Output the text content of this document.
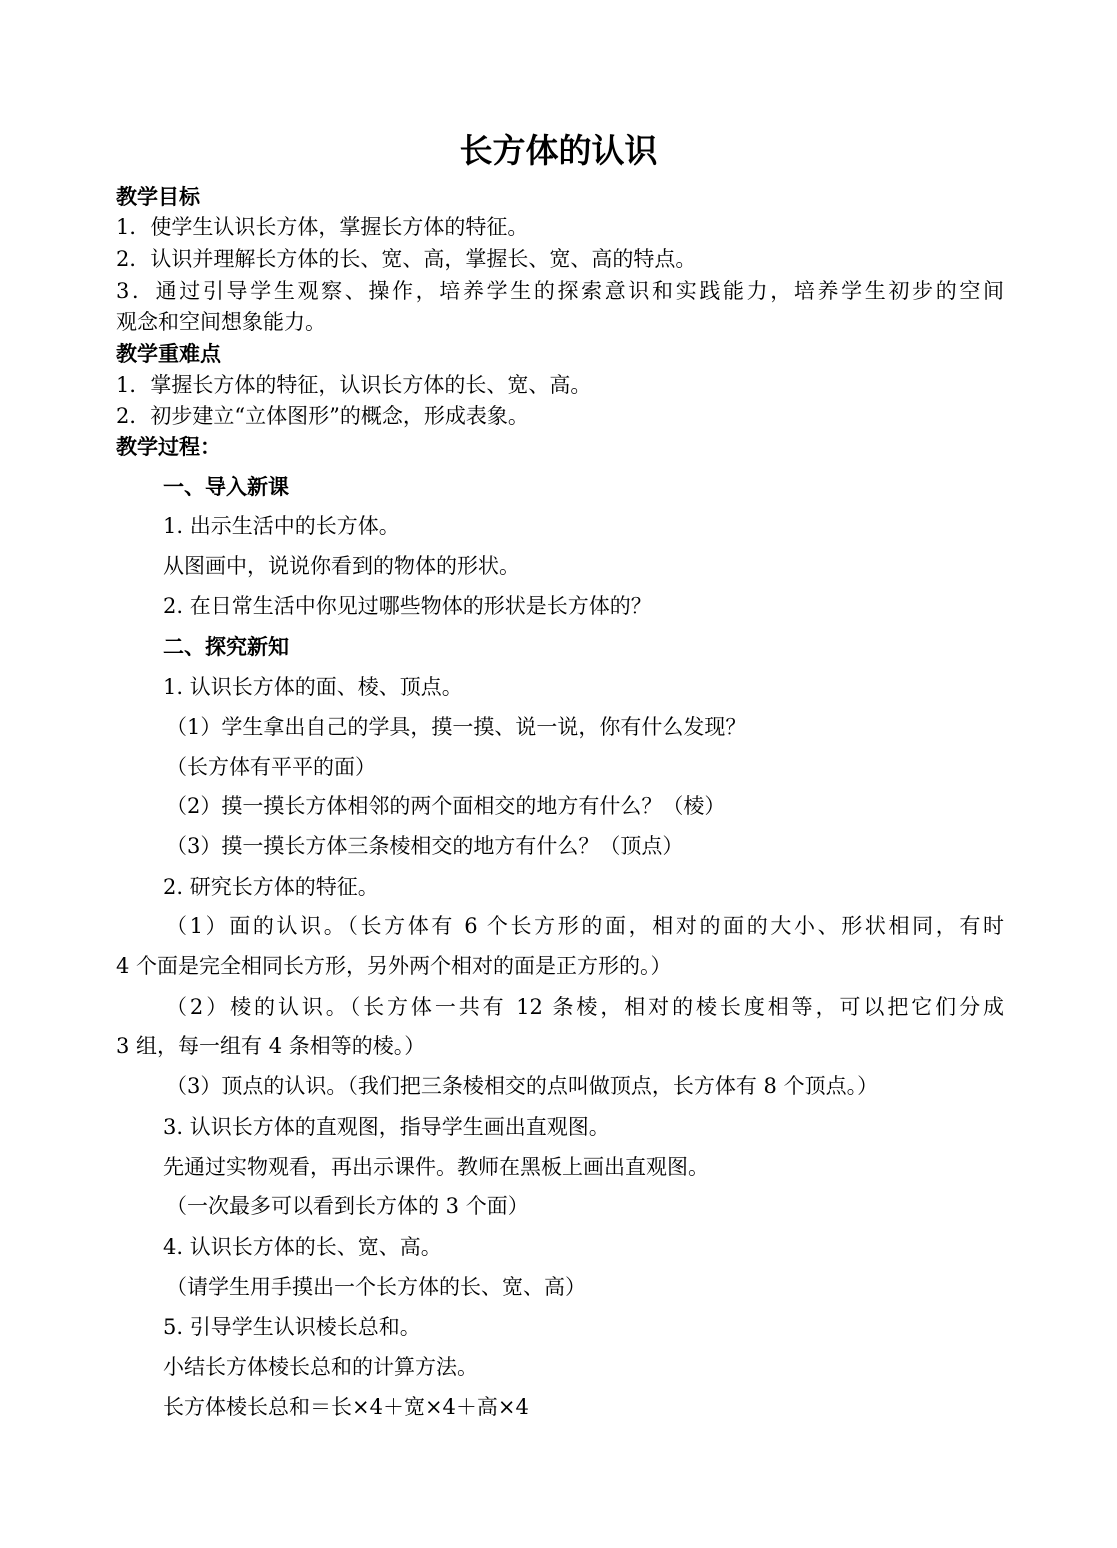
长方体的认识
教学目标
1．使学生认识长方体，掌握长方体的特征。
2．认识并理解长方体的长、宽、高，掌握长、宽、高的特点。
3．通过引导学生观察、操作，培养学生的探索意识和实践能力，培养学生初步的空间
观念和空间想象能力。
教学重难点
1．掌握长方体的特征，认识长方体的长、宽、高。
2．初步建立“立体图形”的概念，形成表象。
教学过程：
一、导入新课
1. 出示生活中的长方体。
从图画中，说说你看到的物体的形状。
2. 在日常生活中你见过哪些物体的形状是长方体的？
二、探究新知
1. 认识长方体的面、棱、顶点。
（1）学生拿出自己的学具，摸一摸、说一说，你有什么发现？
（长方体有平平的面）
（2）摸一摸长方体相邻的两个面相交的地方有什么？（棱）
（3）摸一摸长方体三条棱相交的地方有什么？（顶点）
2. 研究长方体的特征。
（1）面的认识。（长方体有 6 个长方形的面，相对的面的大小、形状相同，有时
4 个面是完全相同长方形，另外两个相对的面是正方形的。）
（2）棱的认识。（长方体一共有 12 条棱，相对的棱长度相等，可以把它们分成
3 组，每一组有 4 条相等的棱。）
（3）顶点的认识。（我们把三条棱相交的点叫做顶点，长方体有 8 个顶点。）
3. 认识长方体的直观图，指导学生画出直观图。
先通过实物观看，再出示课件。教师在黑板上画出直观图。
（一次最多可以看到长方体的 3 个面）
4. 认识长方体的长、宽、高。
（请学生用手摸出一个长方体的长、宽、高）
5. 引导学生认识棱长总和。
小结长方体棱长总和的计算方法。
长方体棱长总和＝长×4＋宽×4＋高×4
